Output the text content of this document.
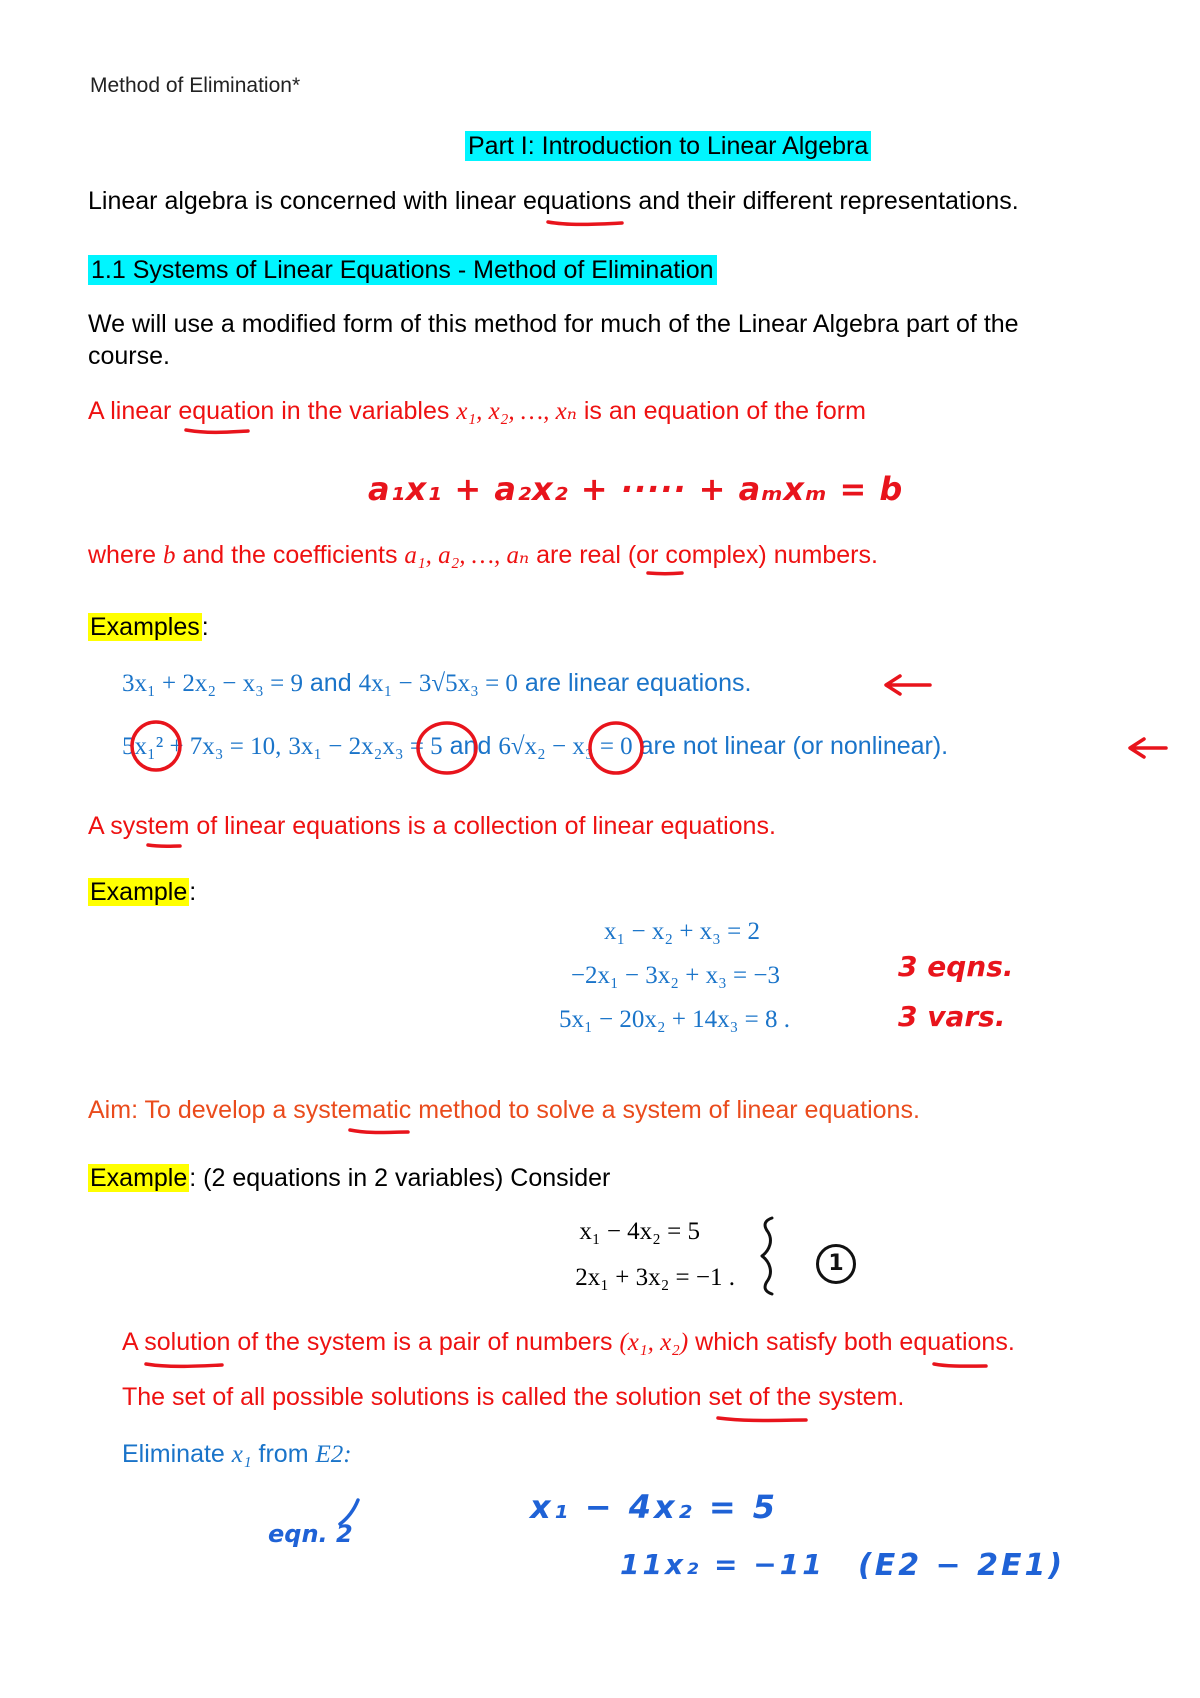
Method of Elimination*
Part I: Introduction to Linear Algebra
Linear algebra is concerned with linear equations and their different representations.
1.1 Systems of Linear Equations - Method of Elimination
We will use a modified form of this method for much of the Linear Algebra part of the
course.
A linear equation in the variables x₁, x₂, …, xₙ is an equation of the form
where b and the coefficients a₁, a₂, …, aₙ are real (or complex) numbers.
Examples:
3x₁ + 2x₂ − x₃ = 9 and 4x₁ − 3√5x₃ = 0 are linear equations.
5x₁² + 7x₃ = 10, 3x₁ − 2x₂x₃ = 5 and 6√x₂ − x₃ = 0 are not linear (or nonlinear).
A system of linear equations is a collection of linear equations.
Example:
x₁ − x₂ + x₃ = 2
−2x₁ − 3x₂ + x₃ = −3
5x₁ − 20x₂ + 14x₃ = 8 .
Aim: To develop a systematic method to solve a system of linear equations.
Example: (2 equations in 2 variables) Consider
x₁ − 4x₂ = 5
2x₁ + 3x₂ = −1 .
A solution of the system is a pair of numbers (x₁, x₂) which satisfy both equations.
The set of all possible solutions is called the solution set of the system.
Eliminate x₁ from E2:
a₁x₁ + a₂x₂ + ····· + aₘxₘ = b
3 eqns.
3 vars.
1
eqn. 2
x₁ − 4x₂ = 5
11x₂ = −11 (E2 − 2E1)
